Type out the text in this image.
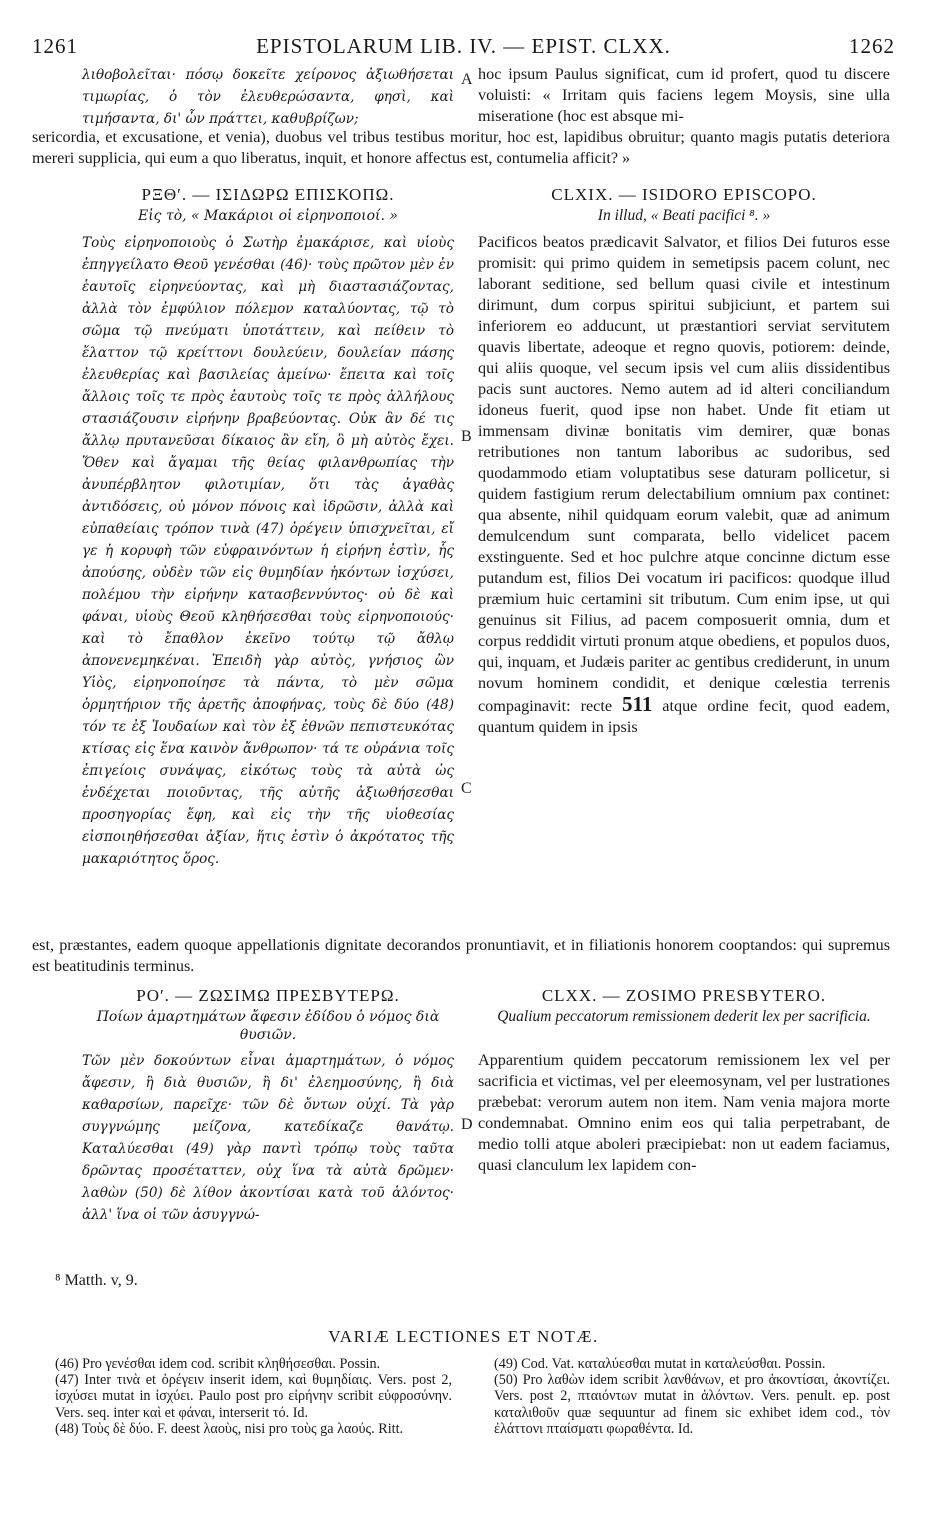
1261	EPISTOLARUM LIB. IV. — EPIST. CLXX.	1262
λιθοβολεῖται· πόσῳ δοκεῖτε χείρονος ἀξιωθήσεται τιμωρίας, ὁ τὸν ἐλευθερώσαντα, φησὶ, καὶ τιμήσαντα, δι' ὧν πράττει, καθυβρίζων;
A hoc ipsum Paulus significat, cum id profert, quod tu discere voluisti: « Irritam quis faciens legem Moysis, sine ulla miseratione (hoc est absque mi-
sericordia, et excusatione, et venia), duobus vel tribus testibus moritur, hoc est, lapidibus obruitur; quanto magis putatis deteriora mereri supplicia, qui eum a quo liberatus, inquit, et honore affectus est, contumelia afficit? »
ΡΞΘʹ. — ΙΣΙΔΩΡΩ ΕΠΙΣΚΟΠΩ.
Εἰς τὸ, « Μακάριοι οἱ εἰρηνοποιοί. »
CLXIX. — ISIDORO EPISCOPO.
In illud, « Beati pacifici ⁸. »
Τοὺς εἰρηνοποιοὺς ὁ Σωτὴρ ἐμακάρισε, καὶ υἱοὺς ἐπηγγείλατο Θεοῦ γενέσθαι (46)· τοὺς πρῶτον μὲν ἐν ἑαυτοῖς εἰρηνεύοντας, καὶ μὴ διαστασιάζοντας, ἀλλὰ τὸν ἐμφύλιον πόλεμον καταλύοντας, τῷ τὸ σῶμα τῷ πνεύματι ὑποτάττειν, καὶ πείθειν τὸ ἔλαττον τῷ κρείττονι δουλεύειν, δουλείαν πάσης ἐλευθερίας καὶ βασιλείας ἀμείνω· ἔπειτα καὶ τοῖς ἄλλοις τοῖς τε πρὸς ἑαυτοὺς τοῖς τε πρὸς ἀλλήλους στασιάζουσιν εἰρήνην βραβεύοντας. Οὐκ ἂν δέ τις ἄλλῳ πρυτανεῦσαι δίκαιος ἂν εἴη, ὃ μὴ αὐτὸς ἔχει. Ὅθεν καὶ ἄγαμαι τῆς θείας φιλανθρωπίας τὴν ἀνυπέρβλητον φιλοτιμίαν, ὅτι τὰς ἀγαθὰς ἀντιδόσεις, οὐ μόνον πόνοις καὶ ἱδρῶσιν, ἀλλὰ καὶ εὐπαθείαις τρόπον τινὰ (47) ὀρέγειν ὑπισχνεῖται, εἴ γε ἡ κορυφὴ τῶν εὐφραινόντων ἡ εἰρήνη ἐστὶν, ἧς ἀπούσης, οὐδὲν τῶν εἰς θυμηδίαν ἡκόντων ἰσχύσει, πολέμου τὴν εἰρήνην κατασβεννύντος· οὐ δὲ καὶ φάναι, υἱοὺς Θεοῦ κληθήσεσθαι τοὺς εἰρηνοποιούς· καὶ τὸ ἔπαθλον ἐκεῖνο τούτῳ τῷ ἄθλῳ ἀπονενεμηκέναι. Ἐπειδὴ γὰρ αὐτὸς, γνήσιος ὢν Υἱὸς, εἰρηνοποίησε τὰ πάντα, τὸ μὲν σῶμα ὁρμητήριον τῆς ἀρετῆς ἀποφήνας, τοὺς δὲ δύο (48) τόν τε ἐξ Ἰουδαίων καὶ τὸν ἐξ ἐθνῶν πεπιστευκότας κτίσας εἰς ἕνα καινὸν ἄνθρωπον· τά τε οὐράνια τοῖς ἐπιγείοις συνάψας, εἰκότως τοὺς τὰ αὐτὰ ὡς ἐνδέχεται ποιοῦντας, τῆς αὐτῆς ἀξιωθήσεσθαι προσηγορίας ἔφη, καὶ εἰς τὴν τῆς υἱοθεσίας εἰσποιηθήσεσθαι ἀξίαν, ἥτις ἐστὶν ὁ ἀκρότατος τῆς μακαριότητος ὅρος.
B
C
Pacificos beatos prædicavit Salvator, et filios Dei futuros esse promisit: qui primo quidem in semetipsis pacem colunt, nec laborant seditione, sed bellum quasi civile et intestinum dirimunt, dum corpus spiritui subjiciunt, et partem sui inferiorem eo adducunt, ut præstantiori serviat servitutem quavis libertate, adeoque et regno quovis, potiorem: deinde, qui aliis quoque, vel secum ipsis vel cum aliis dissidentibus pacis sunt auctores. Nemo autem ad id alteri conciliandum idoneus fuerit, quod ipse non habet. Unde fit etiam ut immensam divinæ bonitatis vim demirer, quæ bonas retributiones non tantum laboribus ac sudoribus, sed quodammodo etiam voluptatibus sese daturam pollicetur, si quidem fastigium rerum delectabilium omnium pax continet: qua absente, nihil quidquam eorum valebit, quæ ad animum demulcendum sunt comparata, bello videlicet pacem exstinguente. Sed et hoc pulchre atque concinne dictum esse putandum est, filios Dei vocatum iri pacificos: quodque illud præmium huic certamini sit tributum. Cum enim ipse, ut qui genuinus sit Filius, ad pacem composuerit omnia, dum et corpus reddidit virtuti pronum atque obediens, et populos duos, qui, inquam, et Judæis pariter ac gentibus crediderunt, in unum novum hominem condidit, et denique cœlestia terrenis compaginavit: recte 511 atque ordine fecit, quod eadem, quantum quidem in ipsis
est, præstantes, eadem quoque appellationis dignitate decorandos pronuntiavit, et in filiationis honorem cooptandos: qui supremus est beatitudinis terminus.
ΡΟʹ. — ΖΩΣΙΜΩ ΠΡΕΣΒΥΤΕΡΩ.
Ποίων ἁμαρτημάτων ἄφεσιν ἐδίδου ὁ νόμος διὰ θυσιῶν.
CLXX. — ZOSIMO PRESBYTERO.
Qualium peccatorum remissionem dederit lex per sacrificia.
Τῶν μὲν δοκούντων εἶναι ἁμαρτημάτων, ὁ νόμος ἄφεσιν, ἢ διὰ θυσιῶν, ἢ δι' ἐλεημοσύνης, ἢ διὰ καθαρσίων, παρεῖχε· τῶν δὲ ὄντων οὐχί. Τὰ γὰρ συγγνώμης μείζονα, κατεδίκαζε θανάτῳ. Καταλύεσθαι (49) γὰρ παντὶ τρόπῳ τοὺς ταῦτα δρῶντας προσέταττεν, οὐχ ἵνα τὰ αὐτὰ δρῶμεν· λαθὼν (50) δὲ λίθον ἀκοντίσαι κατὰ τοῦ ἁλόντος· ἀλλ' ἵνα οἱ τῶν ἀσυγγνώ-
D
Apparentium quidem peccatorum remissionem lex vel per sacrificia et victimas, vel per eleemosynam, vel per lustrationes præbebat: verorum autem non item. Nam venia majora morte condemnabat. Omnino enim eos qui talia perpetrabant, de medio tolli atque aboleri præcipiebat: non ut eadem faciamus, quasi clanculum lex lapidem con-
⁸ Matth. v, 9.
VARIÆ LECTIONES ET NOTÆ.

(46) Pro γενέσθαι idem cod. scribit κληθήσεσθαι. Possin.

(47) Inter τινὰ et ὀρέγειν inserit idem, καὶ θυμηδίαις. Vers. post 2, ἰσχύσει mutat in ἰσχύει. Paulo post pro εἰρήνην scribit εὐφροσύνην. Vers. seq. inter καὶ et φάναι, interserit τό. Id.

(48) Τοὺς δὲ δύο. F. deest λαοὺς, nisi pro τοὺς ga λαούς. Ritt.

(49) Cod. Vat. καταλύεσθαι mutat in καταλεύσθαι. Possin.

(50) Pro λαθὼν idem scribit λανθάνων, et pro ἀκοντίσαι, ἀκοντίζει. Vers. post 2, πταιόντων mutat in ἁλόντων. Vers. penult. ep. post καταλιθοῦν quæ sequuntur ad finem sic exhibet idem cod., τὸν ἐλάττονι πταίσματι φωραθέντα. Id.
